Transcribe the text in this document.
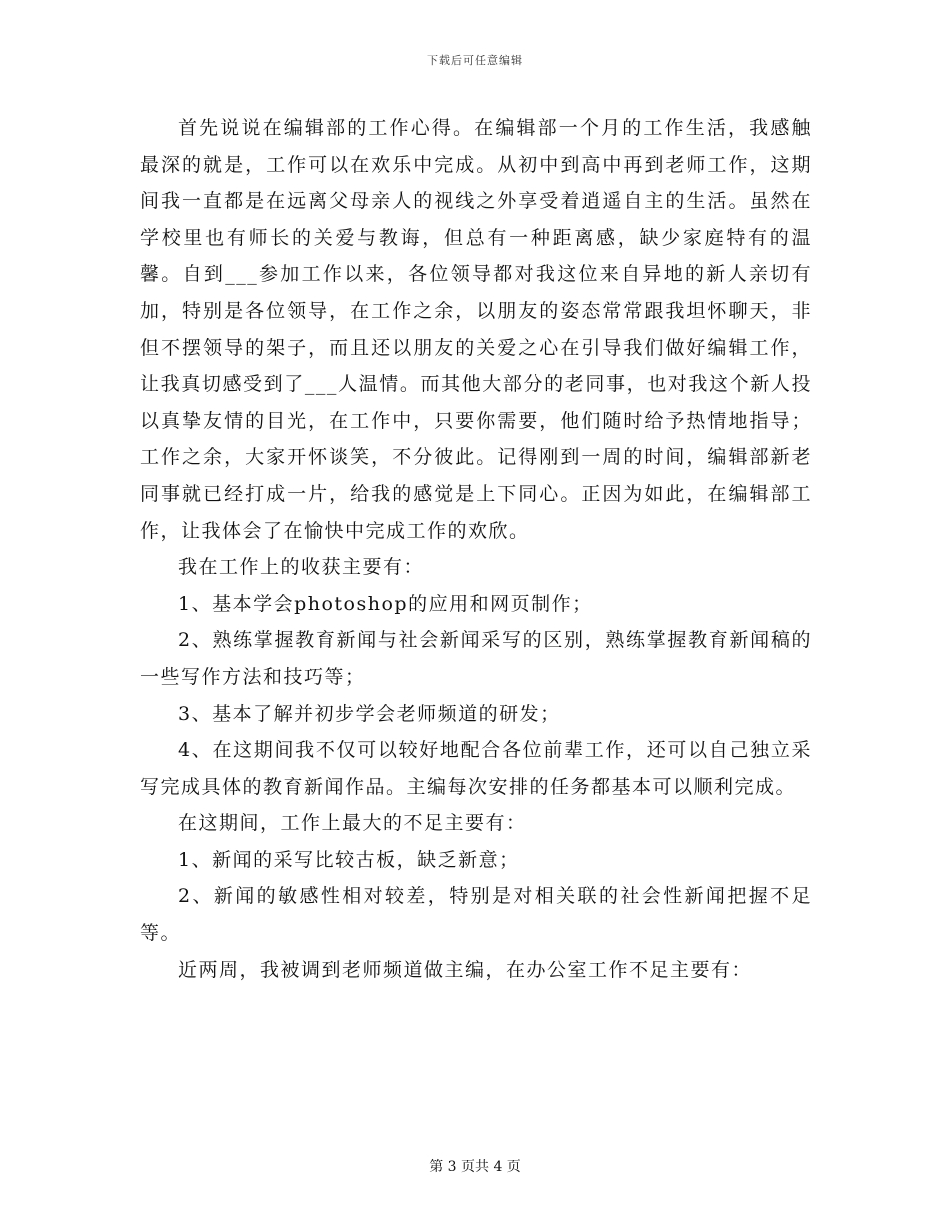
下载后可任意编辑

首先说说在编辑部的工作心得。在编辑部一个月的工作生活，我感触最深的就是，工作可以在欢乐中完成。从初中到高中再到老师工作，这期间我一直都是在远离父母亲人的视线之外享受着逍遥自主的生活。虽然在学校里也有师长的关爱与教诲，但总有一种距离感，缺少家庭特有的温馨。自到___参加工作以来，各位领导都对我这位来自异地的新人亲切有加，特别是各位领导，在工作之余，以朋友的姿态常常跟我坦怀聊天，非但不摆领导的架子，而且还以朋友的关爱之心在引导我们做好编辑工作，让我真切感受到了___人温情。而其他大部分的老同事，也对我这个新人投以真挚友情的目光，在工作中，只要你需要，他们随时给予热情地指导；工作之余，大家开怀谈笑，不分彼此。记得刚到一周的时间，编辑部新老同事就已经打成一片，给我的感觉是上下同心。正因为如此，在编辑部工作，让我体会了在愉快中完成工作的欢欣。

我在工作上的收获主要有：

1、基本学会photoshop的应用和网页制作；

2、熟练掌握教育新闻与社会新闻采写的区别，熟练掌握教育新闻稿的一些写作方法和技巧等；

3、基本了解并初步学会老师频道的研发；

4、在这期间我不仅可以较好地配合各位前辈工作，还可以自己独立采写完成具体的教育新闻作品。主编每次安排的任务都基本可以顺利完成。

在这期间，工作上最大的不足主要有：

1、新闻的采写比较古板，缺乏新意；

2、新闻的敏感性相对较差，特别是对相关联的社会性新闻把握不足等。

近两周，我被调到老师频道做主编，在办公室工作不足主要有：

第 3 页共 4 页
